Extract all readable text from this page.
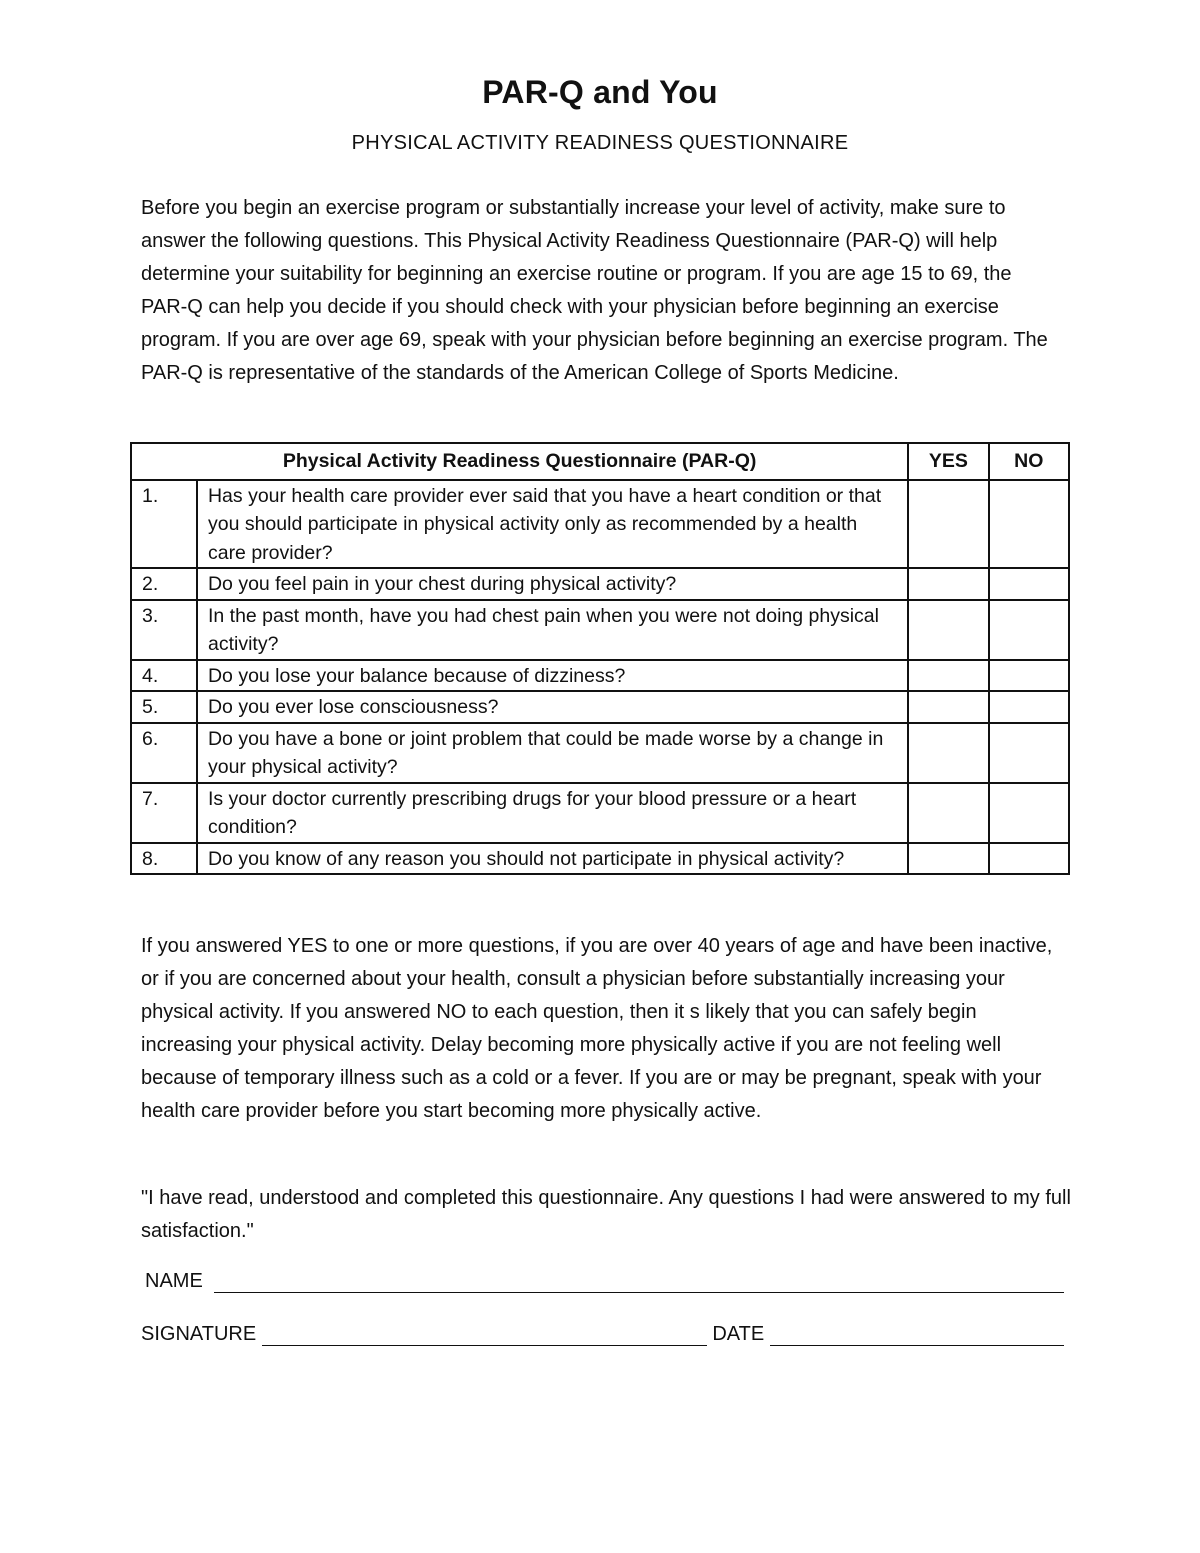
PAR-Q and You
PHYSICAL ACTIVITY READINESS QUESTIONNAIRE

Before you begin an exercise program or substantially increase your level of activity, make sure to answer the following questions. This Physical Activity Readiness Questionnaire (PAR-Q) will help determine your suitability for beginning an exercise routine or program. If you are age 15 to 69, the PAR-Q can help you decide if you should check with your physician before beginning an exercise program. If you are over age 69, speak with your physician before beginning an exercise program. The PAR-Q is representative of the standards of the American College of Sports Medicine.

Physical Activity Readiness Questionnaire (PAR-Q)		YES	NO
1.	Has your health care provider ever said that you have a heart condition or that you should participate in physical activity only as recommended by a health care provider?		
2.	Do you feel pain in your chest during physical activity?		
3.	In the past month, have you had chest pain when you were not doing physical activity?		
4.	Do you lose your balance because of dizziness?		
5.	Do you ever lose consciousness?		
6.	Do you have a bone or joint problem that could be made worse by a change in your physical activity?		
7.	Is your doctor currently prescribing drugs for your blood pressure or a heart condition?		
8.	Do you know of any reason you should not participate in physical activity?		

If you answered YES to one or more questions, if you are over 40 years of age and have been inactive, or if you are concerned about your health, consult a physician before substantially increasing your physical activity. If you answered NO to each question, then it s likely that you can safely begin increasing your physical activity. Delay becoming more physically active if you are not feeling well because of temporary illness such as a cold or a fever. If you are or may be pregnant, speak with your health care provider before you start becoming more physically active.

"I have read, understood and completed this questionnaire. Any questions I had were answered to my full satisfaction."

NAME
SIGNATURE	DATE
